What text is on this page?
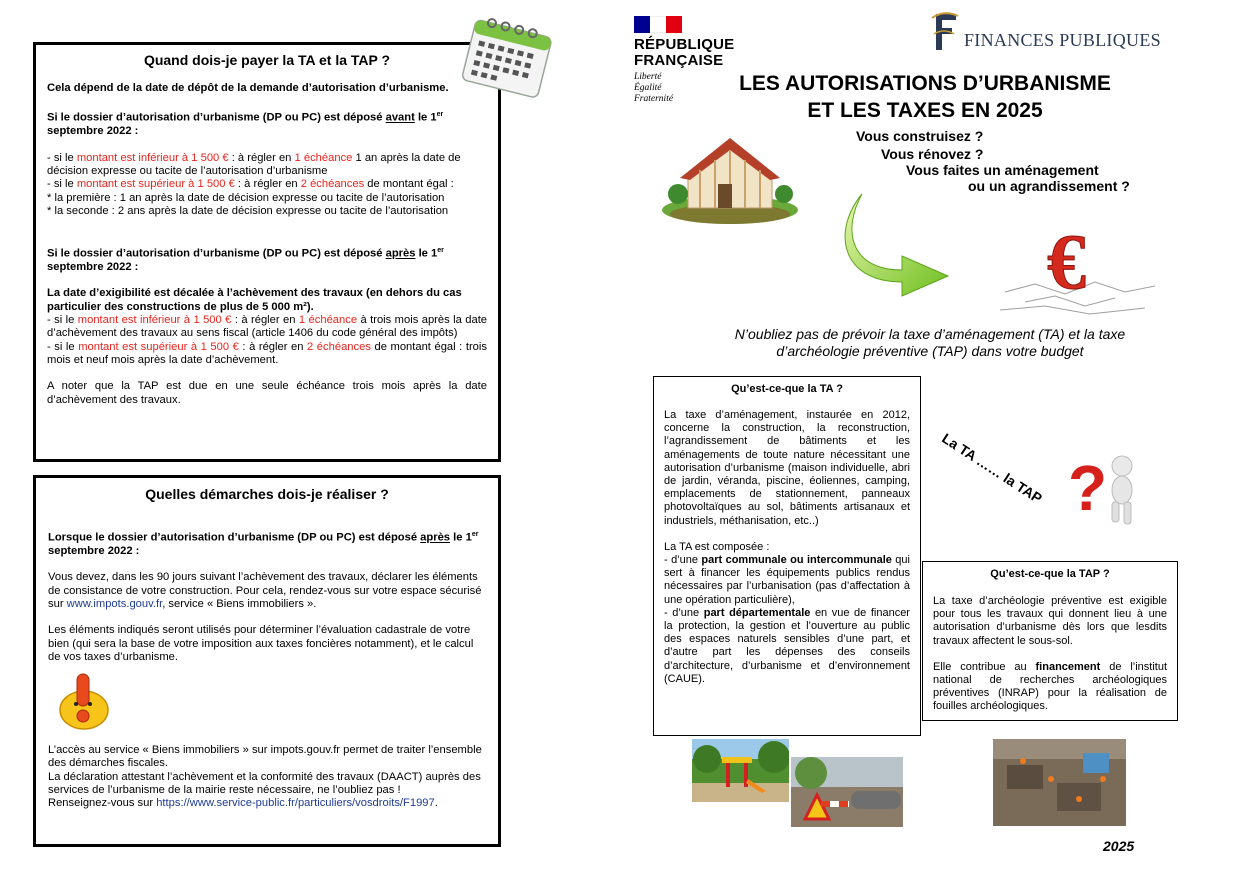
Quand dois-je payer la TA et la TAP ?
Cela dépend de la date de dépôt de la demande d’autorisation d’urbanisme.
Si le dossier d’autorisation d’urbanisme (DP ou PC) est déposé avant le 1er septembre 2022 :
- si le montant est inférieur à 1 500 € : à régler en 1 échéance 1 an après la date de décision expresse ou tacite de l’autorisation d’urbanisme
- si le montant est supérieur à 1 500 € : à régler en 2 échéances de montant égal :
* la première : 1 an après la date de décision expresse ou tacite de l’autorisation
* la seconde : 2 ans après la date de décision expresse ou tacite de l’autorisation
Si le dossier d’autorisation d’urbanisme (DP ou PC) est déposé après le 1er septembre 2022 :
La date d’exigibilité est décalée à l’achèvement des travaux (en dehors du cas particulier des constructions de plus de 5 000 m²).
- si le montant est inférieur à 1 500 € : à régler en 1 échéance à trois mois après la date d’achèvement des travaux au sens fiscal (article 1406 du code général des impôts)
- si le montant est supérieur à 1 500 € : à régler en 2 échéances de montant égal : trois mois et neuf mois après la date d’achèvement.
A noter que la TAP est due en une seule échéance trois mois après la date d’achèvement des travaux.
Quelles démarches dois-je réaliser ?
Lorsque le dossier d’autorisation d’urbanisme (DP ou PC) est déposé après le 1er septembre 2022 :
Vous devez, dans les 90 jours suivant l’achèvement des travaux, déclarer les éléments de consistance de votre construction. Pour cela, rendez-vous sur votre espace sécurisé sur www.impots.gouv.fr, service « Biens immobiliers ».
Les éléments indiqués seront utilisés pour déterminer l’évaluation cadastrale de votre bien (qui sera la base de votre imposition aux taxes foncières notamment), et le calcul de vos taxes d’urbanisme.
L’accès au service « Biens immobiliers » sur impots.gouv.fr permet de traiter l’ensemble des démarches fiscales.
La déclaration attestant l’achèvement et la conformité des travaux (DAACT) auprès des services de l’urbanisme de la mairie reste nécessaire, ne l’oubliez pas !
Renseignez-vous sur https://www.service-public.fr/particuliers/vosdroits/F1997.
RÉPUBLIQUE
FRANÇAISE
Liberté
Égalité
Fraternité
FINANCES PUBLIQUES
LES AUTORISATIONS D’URBANISME
ET LES TAXES EN 2025
Vous construisez ?
Vous rénovez ?
Vous faites un aménagement
ou un agrandissement ?
€
N’oubliez pas de prévoir la taxe d’aménagement (TA) et la taxe d’archéologie préventive (TAP) dans votre budget
Qu’est-ce-que la TA ?
La taxe d’aménagement, instaurée en 2012, concerne la construction, la reconstruction, l’agrandissement de bâtiments et les aménagements de toute nature nécessitant une autorisation d’urbanisme (maison individuelle, abri de jardin, véranda, piscine, éoliennes, camping, emplacements de stationnement, panneaux photovoltaïques au sol, bâtiments artisanaux et industriels, méthanisation, etc..)
La TA est composée :
- d’une part communale ou intercommunale qui sert à financer les équipements publics rendus nécessaires par l’urbanisation (pas d’affectation à une opération particulière),
- d’une part départementale en vue de financer la protection, la gestion et l’ouverture au public des espaces naturels sensibles d’une part, et d’autre part les dépenses des conseils d’architecture, d’urbanisme et d’environnement (CAUE).
La TA …… la TAP ?
Qu’est-ce-que la TAP ?
La taxe d’archéologie préventive est exigible pour tous les travaux qui donnent lieu à une autorisation d’urbanisme dès lors que lesdits travaux affectent le sous-sol.
Elle contribue au financement de l’institut national de recherches archéologiques préventives (INRAP) pour la réalisation de fouilles archéologiques.
2025
